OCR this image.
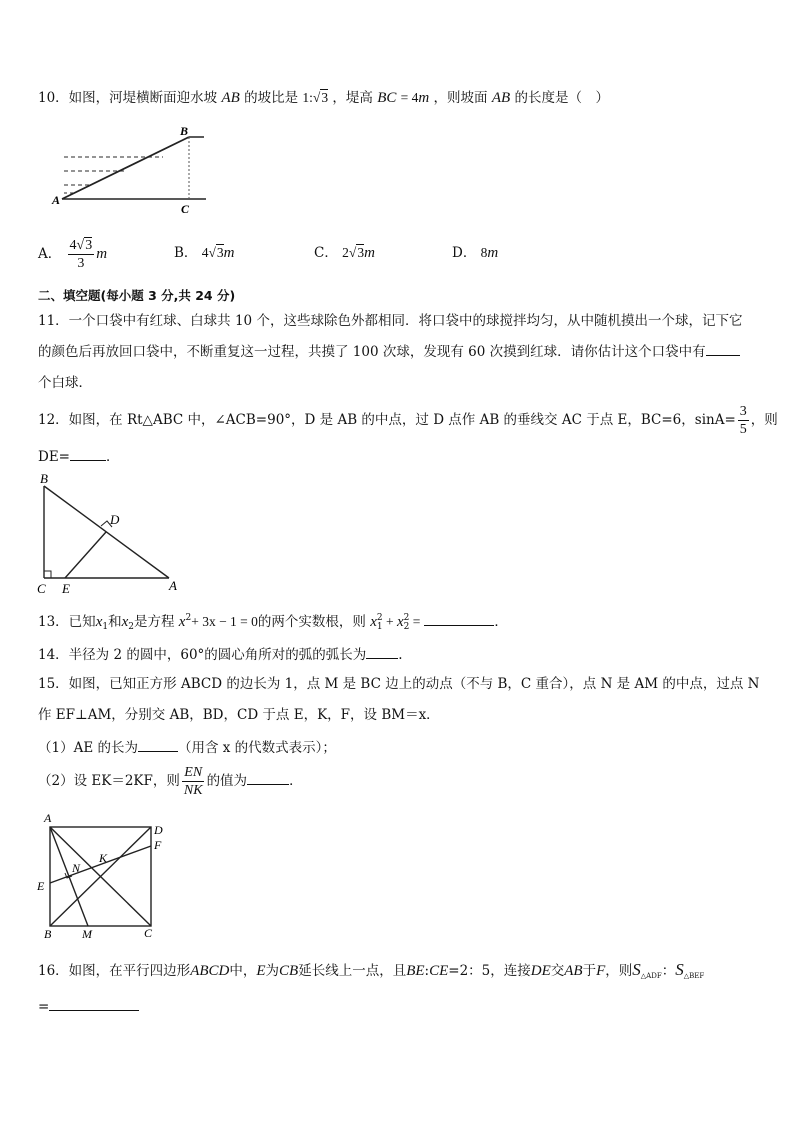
10．如图，河堤横断面迎水坡 AB 的坡比是 1:√3 ，堤高 BC = 4m ，则坡面 AB 的长度是（　）
A
B
C
A． $\frac{4√3}{3}$ m	B． 4√3m	C． 2√3m	D． 8m
二、填空题(每小题 3 分,共 24 分)
11．一个口袋中有红球、白球共 10 个，这些球除色外都相同．将口袋中的球搅拌均匀，从中随机摸出一个球，记下它
的颜色后再放回口袋中，不断重复这一过程，共摸了 100 次球，发现有 60 次摸到红球．请你估计这个口袋中有
个白球．
12．如图，在 Rt△ABC 中，∠ACB=90°，D 是 AB 的中点，过 D 点作 AB 的垂线交 AC 于点 E，BC=6，$\sin A= \frac{3}{5}$ ，则
DE=	．
B
D
C E	A
13．已知$x_1$和$x_2$是方程 $x^2+ 3x - 1 = 0$的两个实数根，则 x 2
1 + x 2
2 =	．
14．半径为 2 的圆中，60°的圆心角所对的弧的弧长为 .
15．如图，已知正方形 ABCD 的边长为 1，点 M 是 BC 边上的动点（不与 B，C 重合），点 N 是 AM 的中点，过点 N
作 EF⊥AM，分别交 AB，BD，CD 于点 E，K，F，设 BM＝x．
（1）AE 的长为	（用含 x 的代数式表示）；
（2）设 EK＝2KF，则 $\frac{EN}{NK}$ 的值为	．
A
D
F
K
N
E
B	M	C
16．如图，在平行四边形ABCD中，E为CB延长线上一点，且BE:CE=2：5，连接DE交AB于F，则$S_{\triangle ADF}$：$S_{\triangle BEF}$
=
